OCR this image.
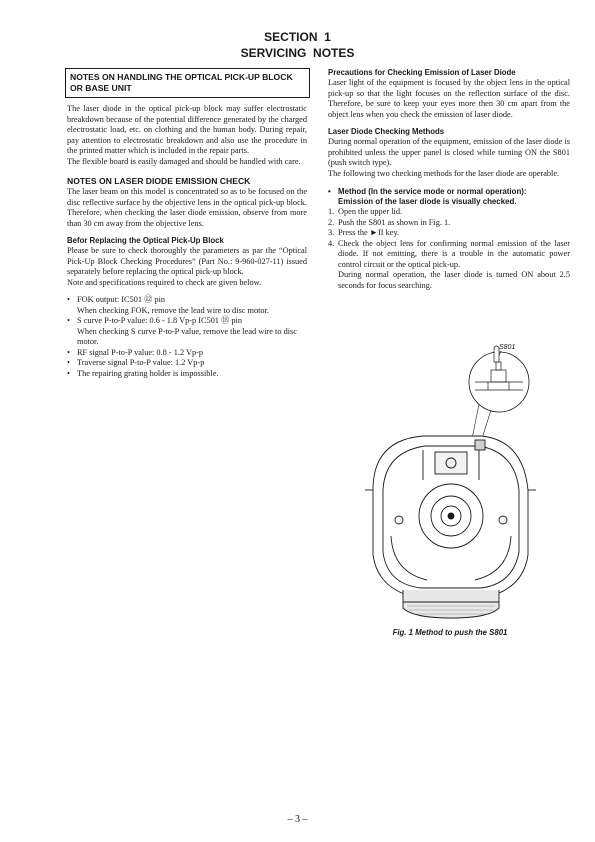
SECTION  1
SERVICING  NOTES
NOTES ON HANDLING THE OPTICAL PICK-UP BLOCK OR BASE UNIT

The laser diode in the optical pick-up block may suffer electrostatic breakdown because of the potential difference generated by the charged electrostatic load, etc. on clothing and the human body. During repair, pay attention to electrostatic breakdown and also use the procedure in the printed matter which is included in the repair parts.

The flexible board is easily damaged and should be handled with care.

NOTES ON LASER DIODE EMISSION CHECK

The laser beam on this model is concentrated so as to be focused on the disc reflective surface by the objective lens in the optical pick-up block. Therefore, when checking the laser diode emission, observe from more than 30 cm away from the objective lens.

Befor Replacing the Optical Pick-Up Block

Please be sure to check thoroughly the parameters as par the “Optical Pick-Up Block Checking Procedures” (Part No.: 9-960-027-11) issued separately before replacing the optical pick-up block.

Note and specifications required to check are given below.

• FOK output: IC501 ⑫ pin
When checking FOK, remove the lead wire to disc motor.
• S curve P-to-P value: 0.6 - 1.8 Vp-p IC501 ⑱ pin
When checking S curve P-to-P value, remove the lead wire to disc motor.
• RF signal P-to-P value: 0.8 - 1.2 Vp-p
• Traverse signal P-to-P value: 1.2 Vp-p
• The repairing grating holder is impossible.
Precautions for Checking Emission of Laser Diode

Laser light of the equipment is focused by the object lens in the optical pick-up so that the light focuses on the reflection surface of the disc. Therefore, be sure to keep your eyes more then 30 cm apart from the object lens when you check the emission of laser diode.

Laser Diode Checking Methods

During normal operation of the equipment, emission of the laser diode is prohibited unless the upper panel is closed while turning ON the S801 (push switch type).

The following two checking methods for the laser diode are operable.

• Method (In the service mode or normal operation):
Emission of the laser diode is visually checked.
1. Open the upper lid.
2. Push the S801 as shown in Fig. 1.
3. Press the ►II key.
4. Check the object lens for confirming normal emission of the laser diode. If not emitting, there is a trouble in the automatic power control circuit or the optical pick-up.

During normal operation, the laser diode is turned ON about 2.5 seconds for focus searching.

S801
Fig. 1 Method to push the S801
– 3 –
